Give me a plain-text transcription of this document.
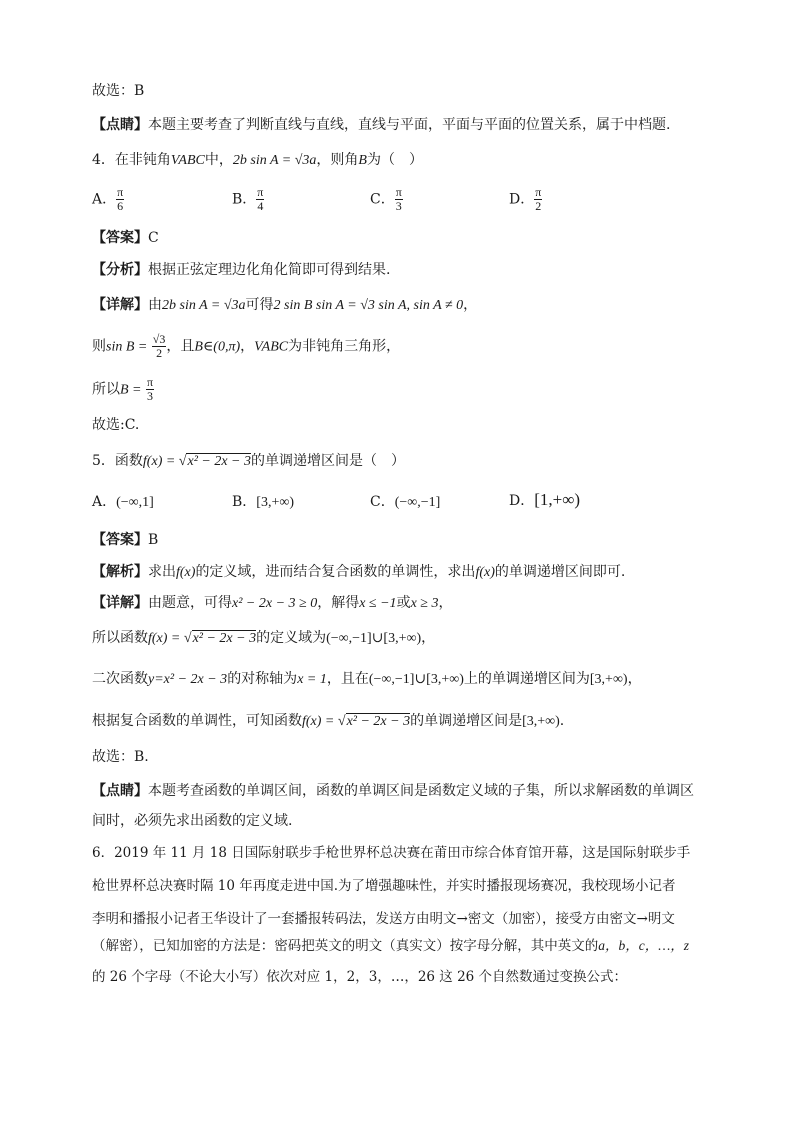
故选：B
【点睛】本题主要考查了判断直线与直线，直线与平面，平面与平面的位置关系，属于中档题.
4．在非钝角VABC中，2b sin A = √3a，则角B为（　）
A． $\frac{\pi}{6}$	B． $\frac{\pi}{4}$	C． $\frac{\pi}{3}$	D． $\frac{\pi}{2}$
【答案】C
【分析】根据正弦定理边化角化简即可得到结果.
【详解】由2b sin A = √3a可得2 sin B sin A = √3 sin A, sin A ≠ 0，
则$\sin B = \frac{√3}{2}$ ，且B∈(0,π)，VABC为非钝角三角形，
所以$B = \frac{\pi}{3}$
故选:C.
5．函数f(x) = √x² − 2x − 3的单调递增区间是（　）
A．(−∞,1]	B．[3,+∞)	C．(−∞,−1]	D．[1,+∞)
【答案】B
【解析】求出f(x)的定义域，进而结合复合函数的单调性，求出f(x)的单调递增区间即可.
【详解】由题意，可得x² − 2x − 3 ≥ 0，解得x ≤ −1或x ≥ 3，
所以函数f(x) = √x² − 2x − 3的定义域为(−∞,−1]∪[3,+∞)，
二次函数y=x² − 2x − 3的对称轴为x = 1，且在(−∞,−1]∪[3,+∞)上的单调递增区间为[3,+∞)，
根据复合函数的单调性，可知函数f(x) = √x² − 2x − 3的单调递增区间是[3,+∞).
故选：B.
【点睛】本题考查函数的单调区间，函数的单调区间是函数定义域的子集，所以求解函数的单调区
间时，必须先求出函数的定义域.
6．2019 年 11 月 18 日国际射联步手枪世界杯总决赛在莆田市综合体育馆开幕，这是国际射联步手
枪世界杯总决赛时隔 10 年再度走进中国.为了增强趣味性，并实时播报现场赛况，我校现场小记者
李明和播报小记者王华设计了一套播报转码法，发送方由明文→密文（加密），接受方由密文→明文
（解密），已知加密的方法是：密码把英文的明文（真实文）按字母分解，其中英文的a，b，c，…，z
的 26 个字母（不论大小写）依次对应 1，2，3，…，26 这 26 个自然数通过变换公式：
